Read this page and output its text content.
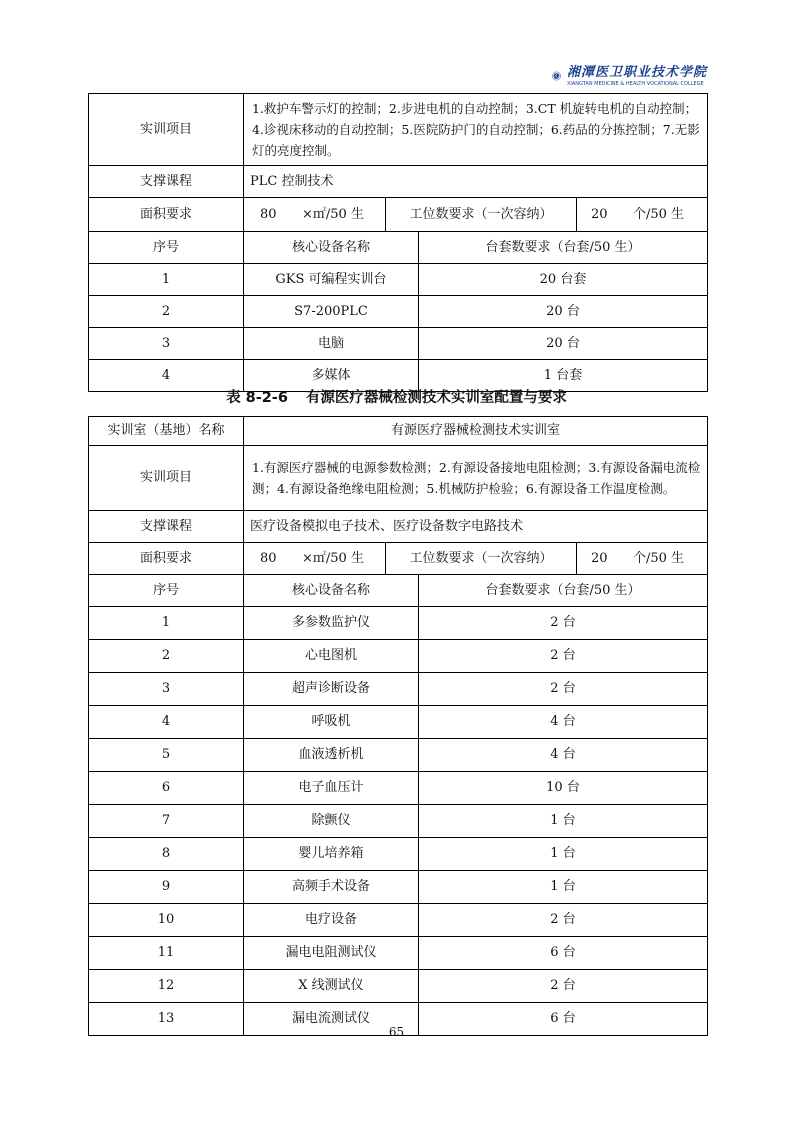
湘潭医卫职业技术学院
XIANGTAN MEDICINE & HEALTH VOCATIONAL COLLEGE
实训项目	1.救护车警示灯的控制；2.步进电机的自动控制；3.CT 机旋转电机的自动控制；4.诊视床移动的自动控制；5.医院防护门的自动控制；6.药品的分拣控制；7.无影灯的亮度控制。			
支撑课程	PLC 控制技术			
面积要求	80 ×㎡/50 生	工位数要求（一次容纳）		20 个/50 生
序号	核心设备名称		台套数要求（台套/50 生）	
1	GKS 可编程实训台		20 台套	
2	S7-200PLC		20 台	
3	电脑		20 台	
4	多媒体		1 台套	
表 8-2-6 有源医疗器械检测技术实训室配置与要求
实训室（基地）名称	有源医疗器械检测技术实训室			
实训项目	1.有源医疗器械的电源参数检测；2.有源设备接地电阻检测；3.有源设备漏电流检测；4.有源设备绝缘电阻检测；5.机械防护检验；6.有源设备工作温度检测。			
支撑课程	医疗设备模拟电子技术、医疗设备数字电路技术			
面积要求	80 ×㎡/50 生	工位数要求（一次容纳）		20 个/50 生
序号	核心设备名称		台套数要求（台套/50 生）	
1	多参数监护仪		2 台	
2	心电图机		2 台	
3	超声诊断设备		2 台	
4	呼吸机		4 台	
5	血液透析机		4 台	
6	电子血压计		10 台	
7	除颤仪		1 台	
8	婴儿培养箱		1 台	
9	高频手术设备		1 台	
10	电疗设备		2 台	
11	漏电电阻测试仪		6 台	
12	X 线测试仪		2 台	
13	漏电流测试仪		6 台	
65
